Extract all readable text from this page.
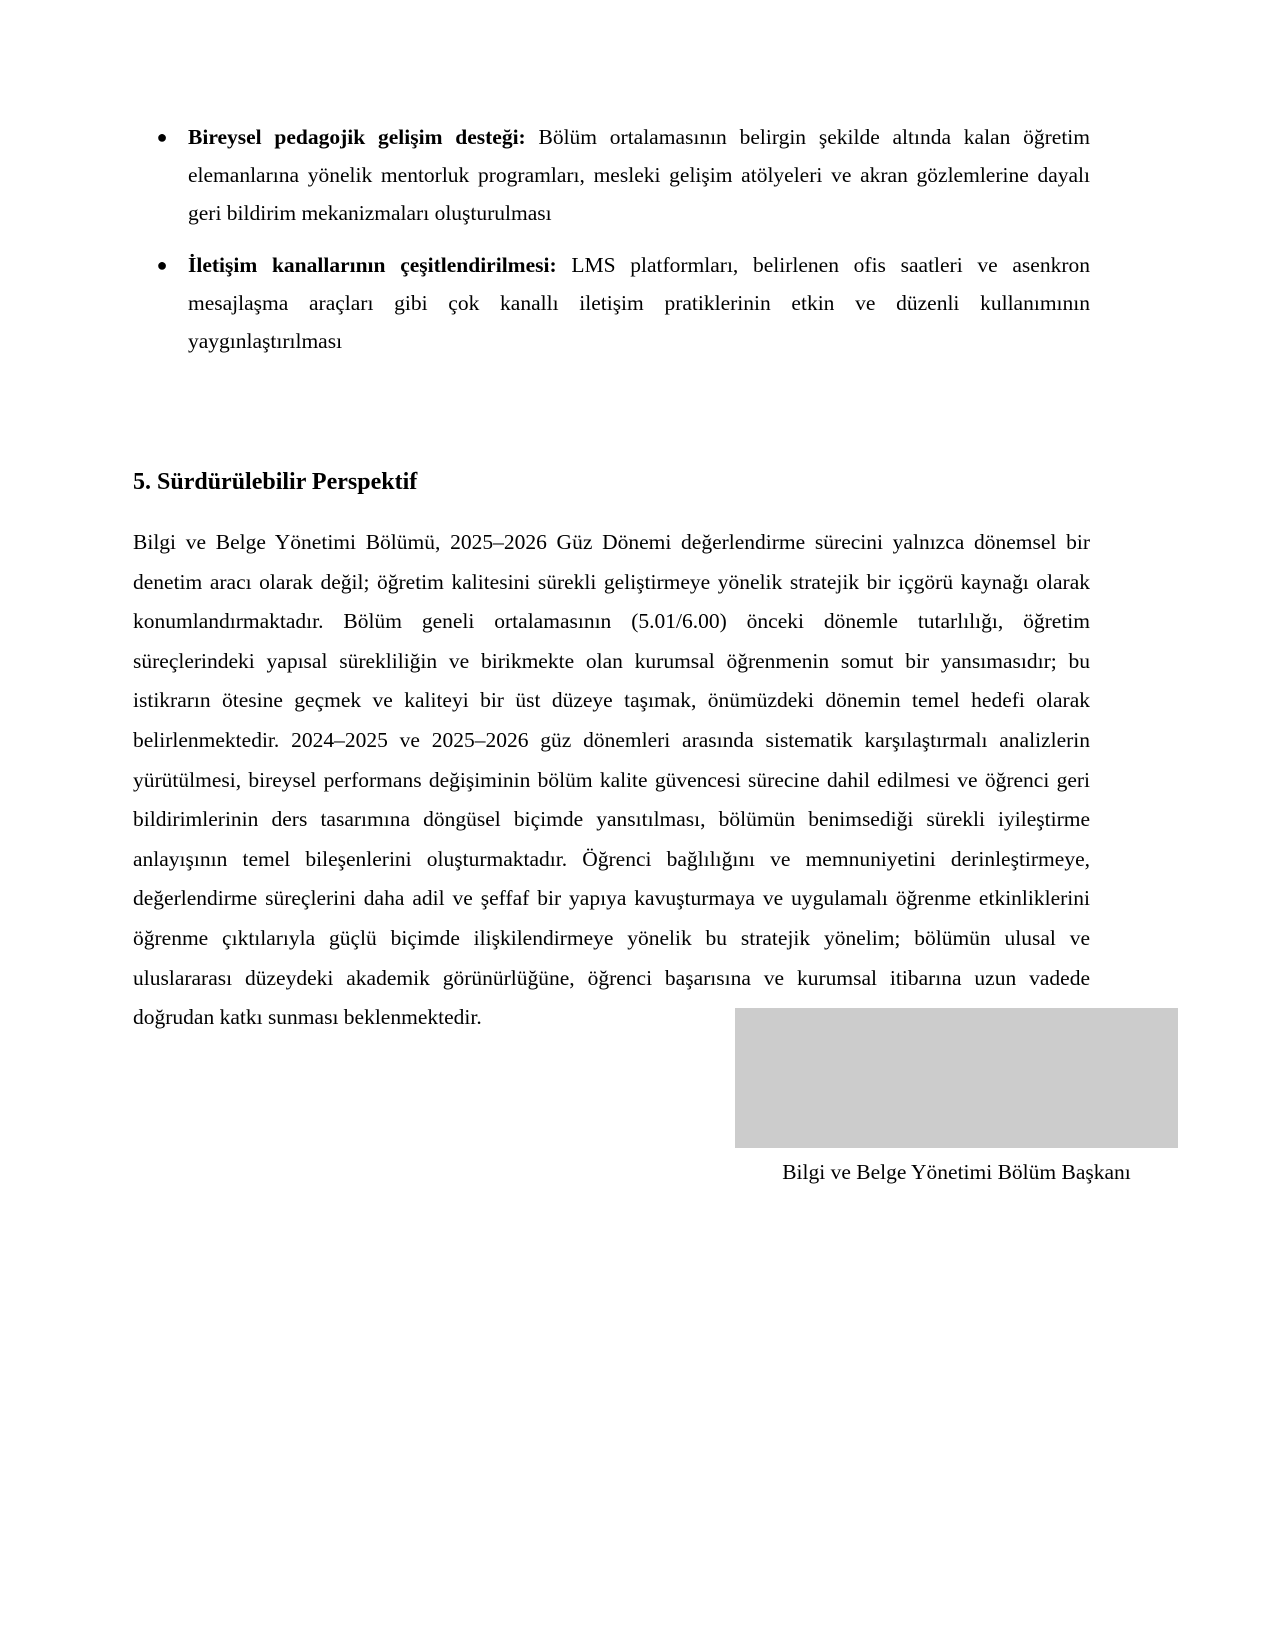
● Bireysel pedagojik gelişim desteği: Bölüm ortalamasının belirgin şekilde altında kalan öğretim elemanlarına yönelik mentorluk programları, mesleki gelişim atölyeleri ve akran gözlemlerine dayalı geri bildirim mekanizmaları oluşturulması
● İletişim kanallarının çeşitlendirilmesi: LMS platformları, belirlenen ofis saatleri ve asenkron mesajlaşma araçları gibi çok kanallı iletişim pratiklerinin etkin ve düzenli kullanımının yaygınlaştırılması
5. Sürdürülebilir Perspektif

Bilgi ve Belge Yönetimi Bölümü, 2025–2026 Güz Dönemi değerlendirme sürecini yalnızca dönemsel bir denetim aracı olarak değil; öğretim kalitesini sürekli geliştirmeye yönelik stratejik bir içgörü kaynağı olarak konumlandırmaktadır. Bölüm geneli ortalamasının (5.01/6.00) önceki dönemle tutarlılığı, öğretim süreçlerindeki yapısal sürekliliğin ve birikmekte olan kurumsal öğrenmenin somut bir yansımasıdır; bu istikrarın ötesine geçmek ve kaliteyi bir üst düzeye taşımak, önümüzdeki dönemin temel hedefi olarak belirlenmektedir. 2024–2025 ve 2025–2026 güz dönemleri arasında sistematik karşılaştırmalı analizlerin yürütülmesi, bireysel performans değişiminin bölüm kalite güvencesi sürecine dahil edilmesi ve öğrenci geri bildirimlerinin ders tasarımına döngüsel biçimde yansıtılması, bölümün benimsediği sürekli iyileştirme anlayışının temel bileşenlerini oluşturmaktadır. Öğrenci bağlılığını ve memnuniyetini derinleştirmeye, değerlendirme süreçlerini daha adil ve şeffaf bir yapıya kavuşturmaya ve uygulamalı öğrenme etkinliklerini öğrenme çıktılarıyla güçlü biçimde ilişkilendirmeye yönelik bu stratejik yönelim; bölümün ulusal ve uluslararası düzeydeki akademik görünürlüğüne, öğrenci başarısına ve kurumsal itibarına uzun vadede doğrudan katkı sunması beklenmektedir.

Bilgi ve Belge Yönetimi Bölüm Başkanı
